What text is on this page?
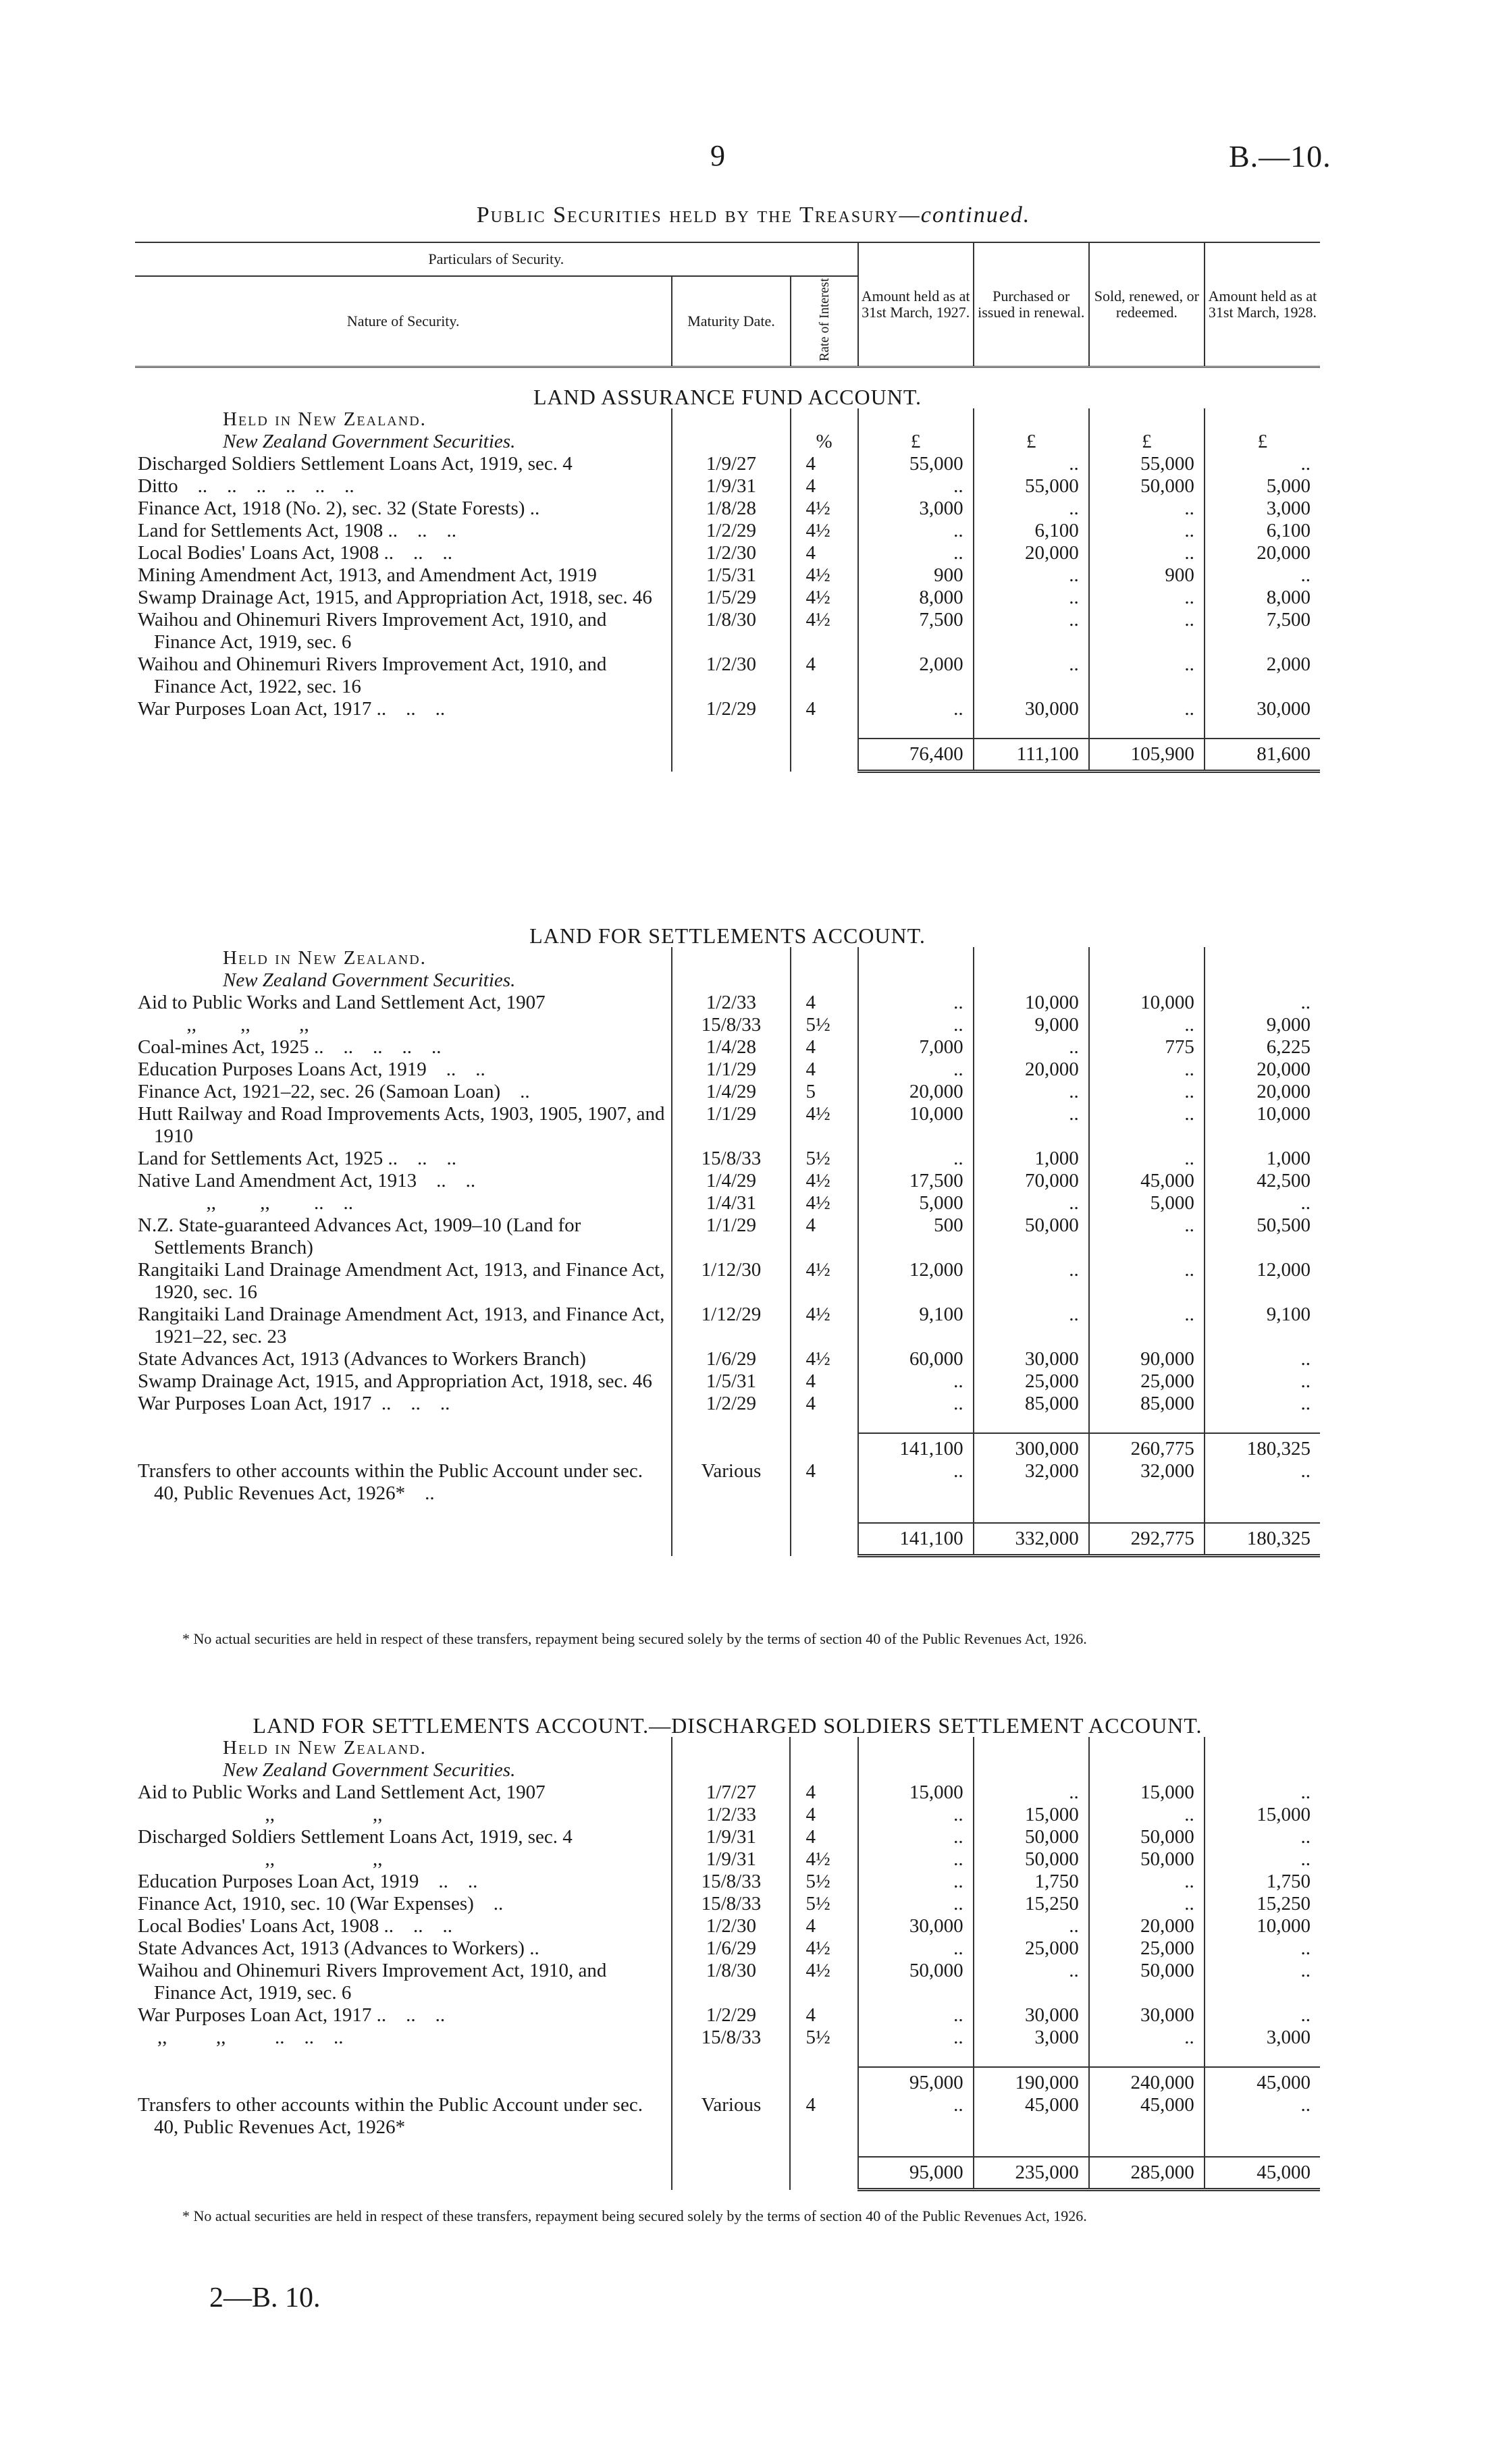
9	B.—10.
Public Securities held by the Treasury—continued.
Particulars of Security.			Amount held as at 31st March, 1927.	Purchased or issued in renewal.	Sold, renewed, or redeemed.	Amount held as at 31st March, 1928.
Nature of Security.	Maturity Date.	Rate of Interest				
LAND ASSURANCE FUND ACCOUNT.						
Held in New Zealand.						
New Zealand Government Securities.		%	£	£	£	£

Discharged Soldiers Settlement Loans Act, 1919, sec. 4	1/9/27	4	55,000	..	55,000	..

Ditto    ..    ..    ..    ..    ..    ..	1/9/31	4	..	55,000	50,000	5,000

Finance Act, 1918 (No. 2), sec. 32 (State Forests) ..	1/8/28	4½	3,000	..	..	3,000

Land for Settlements Act, 1908 ..    ..    ..	1/2/29	4½	..	6,100	..	6,100

Local Bodies' Loans Act, 1908 ..    ..    ..	1/2/30	4	..	20,000	..	20,000

Mining Amendment Act, 1913, and Amendment Act, 1919	1/5/31	4½	900	..	900	..

Swamp Drainage Act, 1915, and Appropriation Act, 1918, sec. 46	1/5/29	4½	8,000	..	..	8,000

Waihou and Ohinemuri Rivers Improvement Act, 1910, and Finance Act, 1919, sec. 6	1/8/30	4½	7,500	..	..	7,500

Waihou and Ohinemuri Rivers Improvement Act, 1910, and Finance Act, 1922, sec. 16	1/2/30	4	2,000	..	..	2,000

War Purposes Loan Act, 1917 ..    ..    ..	1/2/29	4	..	30,000	..	30,000

			76,400	111,100	105,900	81,600
LAND FOR SETTLEMENTS ACCOUNT.						
Held in New Zealand.						
New Zealand Government Securities.						

Aid to Public Works and Land Settlement Act, 1907	1/2/33	4	..	10,000	10,000	..

,,         ,,          ,,	15/8/33	5½	..	9,000	..	9,000

Coal-mines Act, 1925 ..    ..    ..    ..    ..	1/4/28	4	7,000	..	775	6,225

Education Purposes Loans Act, 1919    ..    ..	1/1/29	4	..	20,000	..	20,000

Finance Act, 1921–22, sec. 26 (Samoan Loan)    ..	1/4/29	5	20,000	..	..	20,000

Hutt Railway and Road Improvements Acts, 1903, 1905, 1907, and 1910	1/1/29	4½	10,000	..	..	10,000

Land for Settlements Act, 1925 ..    ..    ..	15/8/33	5½	..	1,000	..	1,000

Native Land Amendment Act, 1913    ..    ..	1/4/29	4½	17,500	70,000	45,000	42,500

,,         ,,         ..    ..	1/4/31	4½	5,000	..	5,000	..

N.Z. State-guaranteed Advances Act, 1909–10 (Land for Settlements Branch)	1/1/29	4	500	50,000	..	50,500

Rangitaiki Land Drainage Amendment Act, 1913, and Finance Act, 1920, sec. 16	1/12/30	4½	12,000	..	..	12,000

Rangitaiki Land Drainage Amendment Act, 1913, and Finance Act, 1921–22, sec. 23	1/12/29	4½	9,100	..	..	9,100

State Advances Act, 1913 (Advances to Workers Branch)	1/6/29	4½	60,000	30,000	90,000	..

Swamp Drainage Act, 1915, and Appropriation Act, 1918, sec. 46	1/5/31	4	..	25,000	25,000	..

War Purposes Loan Act, 1917  ..    ..    ..	1/2/29	4	..	85,000	85,000	..

			141,100	300,000	260,775	180,325

Transfers to other accounts within the Public Account under sec. 40, Public Revenues Act, 1926*    ..	Various	4	..	32,000	32,000	..

			141,100	332,000	292,775	180,325
* No actual securities are held in respect of these transfers, repayment being secured solely by the terms of section 40 of the Public Revenues Act, 1926.
LAND FOR SETTLEMENTS ACCOUNT.—DISCHARGED SOLDIERS SETTLEMENT ACCOUNT.						
Held in New Zealand.						
New Zealand Government Securities.						

Aid to Public Works and Land Settlement Act, 1907	1/7/27	4	15,000	..	15,000	..

,,                    ,,	1/2/33	4	..	15,000	..	15,000

Discharged Soldiers Settlement Loans Act, 1919, sec. 4	1/9/31	4	..	50,000	50,000	..

,,                    ,,	1/9/31	4½	..	50,000	50,000	..

Education Purposes Loan Act, 1919    ..    ..	15/8/33	5½	..	1,750	..	1,750

Finance Act, 1910, sec. 10 (War Expenses)    ..	15/8/33	5½	..	15,250	..	15,250

Local Bodies' Loans Act, 1908 ..    ..    ..	1/2/30	4	30,000	..	20,000	10,000

State Advances Act, 1913 (Advances to Workers) ..	1/6/29	4½	..	25,000	25,000	..

Waihou and Ohinemuri Rivers Improvement Act, 1910, and Finance Act, 1919, sec. 6	1/8/30	4½	50,000	..	50,000	..

War Purposes Loan Act, 1917 ..    ..    ..	1/2/29	4	..	30,000	30,000	..

,,          ,,          ..    ..    ..	15/8/33	5½	..	3,000	..	3,000

			95,000	190,000	240,000	45,000

Transfers to other accounts within the Public Account under sec. 40, Public Revenues Act, 1926*	Various	4	..	45,000	45,000	..

			95,000	235,000	285,000	45,000
* No actual securities are held in respect of these transfers, repayment being secured solely by the terms of section 40 of the Public Revenues Act, 1926.
2—B. 10.
